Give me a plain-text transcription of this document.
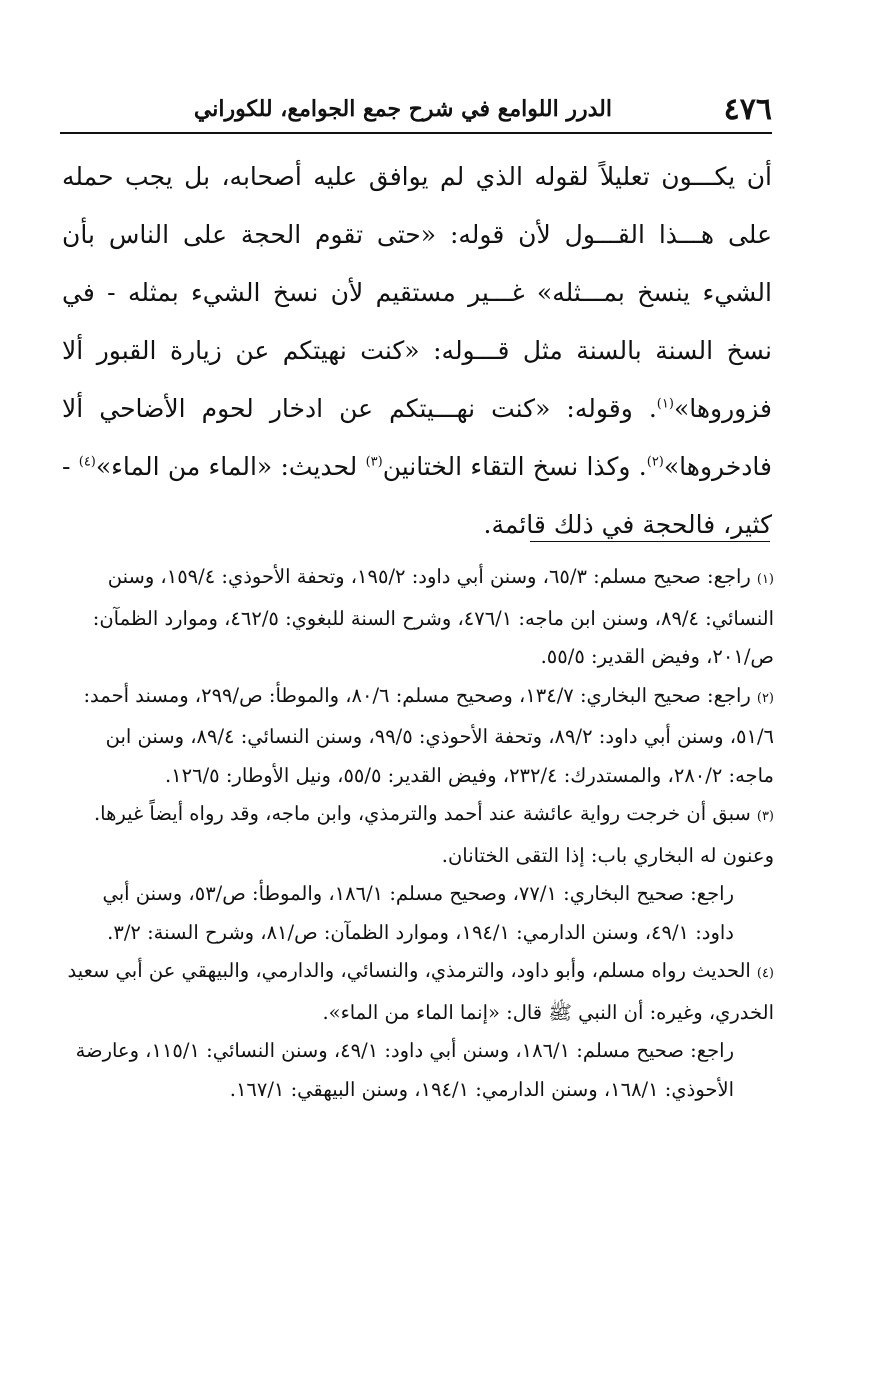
٤٧٦
الدرر اللوامع في شرح جمع الجوامع، للكوراني

أن يكـــون تعليلاً لقوله الذي لم يوافق عليه أصحابه، بل يجب حمله على هـــذا القـــول لأن قوله: «حتى تقوم الحجة على الناس بأن الشيء ينسخ بمـــثله» غـــير مستقيم لأن نسخ الشيء بمثله - في نسخ السنة بالسنة مثل قـــوله: «كنت نهيتكم عن زيارة القبور ألا فزوروها»$^{(١)}$. وقوله: «كنت نهـــيتكم عن ادخار لحوم الأضاحي ألا فادخروها»$^{(٢)}$. وكذا نسخ التقاء الختانين$^{(٣)}$ لحديث: «الماء من الماء»$^{(٤)}$ - كثير، فالحجة في ذلك قائمة.

(١)راجع: صحيح مسلم: ٦٥/٣، وسنن أبي داود: ١٩٥/٢، وتحفة الأحوذي: ١٥٩/٤، وسنن النسائي: ٨٩/٤، وسنن ابن ماجه: ٤٧٦/١، وشرح السنة للبغوي: ٤٦٢/٥، وموارد الظمآن: ص/٢٠١، وفيض القدير: ٥٥/٥.
(٢)راجع: صحيح البخاري: ١٣٤/٧، وصحيح مسلم: ٨٠/٦، والموطأ: ص/٢٩٩، ومسند أحمد: ٥١/٦، وسنن أبي داود: ٨٩/٢، وتحفة الأحوذي: ٩٩/٥، وسنن النسائي: ٨٩/٤، وسنن ابن ماجه: ٢٨٠/٢، والمستدرك: ٢٣٢/٤، وفيض القدير: ٥٥/٥، ونيل الأوطار: ١٢٦/٥.
(٣)سبق أن خرجت رواية عائشة عند أحمد والترمذي، وابن ماجه، وقد رواه أيضاً غيرها. وعنون له البخاري باب: إذا التقى الختانان.
راجع: صحيح البخاري: ٧٧/١، وصحيح مسلم: ١٨٦/١، والموطأ: ص/٥٣، وسنن أبي داود: ٤٩/١، وسنن الدارمي: ١٩٤/١، وموارد الظمآن: ص/٨١، وشرح السنة: ٣/٢.
(٤)الحديث رواه مسلم، وأبو داود، والترمذي، والنسائي، والدارمي، والبيهقي عن أبي سعيد الخدري، وغيره: أن النبي ﷺ قال: «إنما الماء من الماء».
راجع: صحيح مسلم: ١٨٦/١، وسنن أبي داود: ٤٩/١، وسنن النسائي: ١١٥/١، وعارضة الأحوذي: ١٦٨/١، وسنن الدارمي: ١٩٤/١، وسنن البيهقي: ١٦٧/١.
